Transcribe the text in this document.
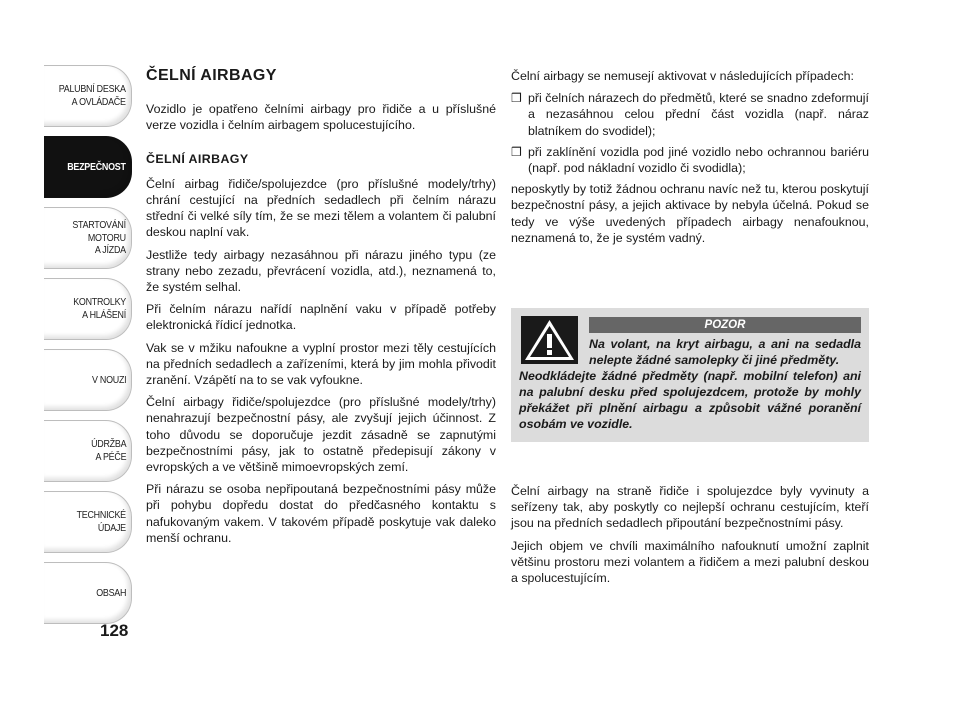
PALUBNÍ DESKA
A OVLÁDAČE
BEZPEČNOST
STARTOVÁNÍ
MOTORU
A JÍZDA
KONTROLKY
A HLÁŠENÍ
V NOUZI
ÚDRŽBA
A PÉČE
TECHNICKÉ
ÚDAJE
OBSAH
128
ČELNÍ AIRBAGY

Vozidlo je opatřeno čelními airbagy pro řidiče a u příslušné verze vozidla i čelním airbagem spolucestujícího.

ČELNÍ AIRBAGY

Čelní airbag řidiče/spolujezdce (pro příslušné modely/trhy) chrání cestující na předních sedadlech při čelním nárazu střední či velké síly tím, že se mezi tělem a volantem či palubní deskou naplní vak.

Jestliže tedy airbagy nezasáhnou při nárazu jiného typu (ze strany nebo zezadu, převrácení vozidla, atd.), neznamená to, že systém selhal.

Při čelním nárazu nařídí naplnění vaku v případě potřeby elektronická řídicí jednotka.

Vak se v mžiku nafoukne a vyplní prostor mezi těly cestujících na předních sedadlech a zařízeními, která by jim mohla přivodit zranění. Vzápětí na to se vak vyfoukne.

Čelní airbagy řidiče/spolujezdce (pro příslušné modely/trhy) nenahrazují bezpečnostní pásy, ale zvyšují jejich účinnost. Z toho důvodu se doporučuje jezdit zásadně se zapnutými bezpečnostními pásy, jak to ostatně předepisují zákony v evropských a ve většině mimoevropských zemí.

Při nárazu se osoba nepřipoutaná bezpečnostními pásy může při pohybu dopředu dostat do předčasného kontaktu s nafukovaným vakem. V takovém případě poskytuje vak daleko menší ochranu.

Čelní airbagy se nemusejí aktivovat v následujících případech:

❒ při čelních nárazech do předmětů, které se snadno zdeformují a nezasáhnou celou přední část vozidla (např. náraz blatníkem do svodidel);
❒ při zaklínění vozidla pod jiné vozidlo nebo ochrannou bariéru (např. pod nákladní vozidlo či svodidla);

neposkytly by totiž žádnou ochranu navíc než tu, kterou poskytují bezpečnostní pásy, a jejich aktivace by nebyla účelná. Pokud se tedy ve výše uvedených případech airbagy nenafouknou, neznamená to, že je systém vadný.

POZOR
Na volant, na kryt airbagu, a ani na sedadla nelepte žádné samolepky či jiné předměty.
Neodkládejte žádné předměty (např. mobilní telefon) ani na palubní desku před spolujezdcem, protože by mohly překážet při plnění airbagu a způsobit vážné poranění osobám ve vozidle.

Čelní airbagy na straně řidiče i spolujezdce byly vyvinuty a seřízeny tak, aby poskytly co nejlepší ochranu cestujícím, kteří jsou na předních sedadlech připoutání bezpečnostními pásy.

Jejich objem ve chvíli maximálního nafouknutí umožní zaplnit většinu prostoru mezi volantem a řidičem a mezi palubní deskou a spolucestujícím.
